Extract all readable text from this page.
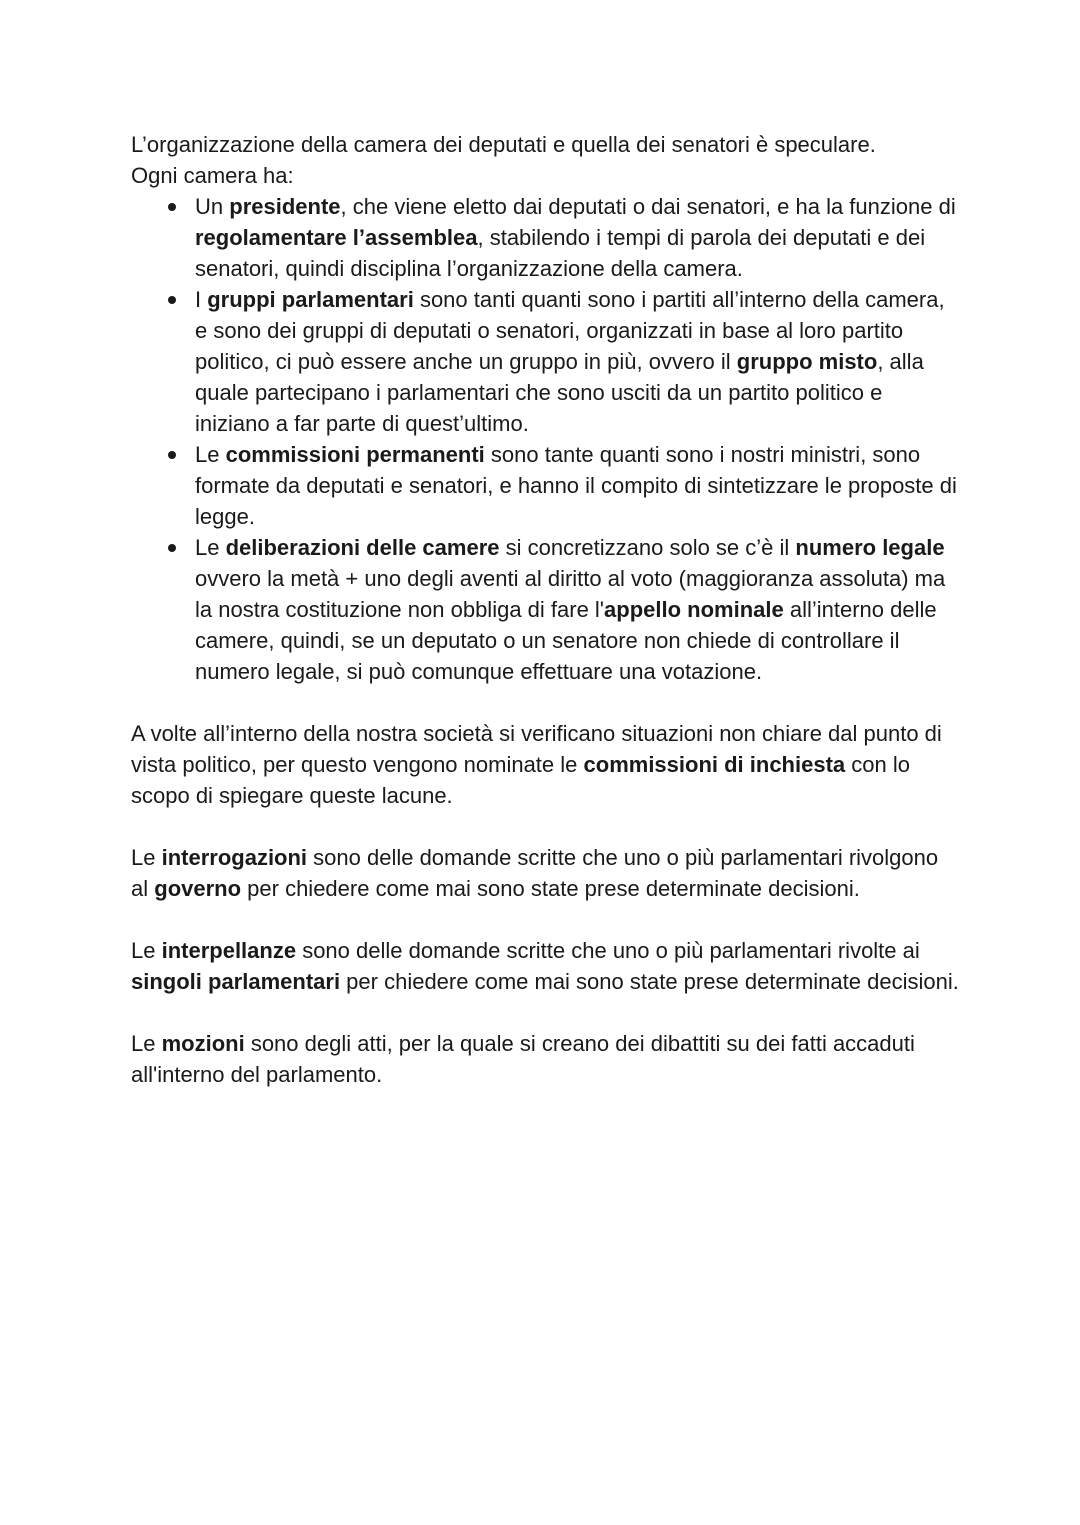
L’organizzazione della camera dei deputati e quella dei senatori è speculare.

Ogni camera ha:

Un presidente, che viene eletto dai deputati o dai senatori, e ha la funzione di regolamentare l’assemblea, stabilendo i tempi di parola dei deputati e dei senatori, quindi disciplina l’organizzazione della camera.
I gruppi parlamentari sono tanti quanti sono i partiti all’interno della camera, e sono dei gruppi di deputati o senatori, organizzati in base al loro partito politico, ci può essere anche un gruppo in più, ovvero il gruppo misto, alla quale partecipano i parlamentari che sono usciti da un partito politico e iniziano a far parte di quest’ultimo.
Le commissioni permanenti sono tante quanti sono i nostri ministri, sono formate da deputati e senatori, e hanno il compito di sintetizzare le proposte di legge.
Le deliberazioni delle camere si concretizzano solo se c’è il numero legale ovvero la metà + uno degli aventi al diritto al voto (maggioranza assoluta) ma la nostra costituzione non obbliga di fare l'appello nominale all’interno delle camere, quindi, se un deputato o un senatore non chiede di controllare il numero legale, si può comunque effettuare una votazione.

A volte all’interno della nostra società si verificano situazioni non chiare dal punto di vista politico, per questo vengono nominate le commissioni di inchiesta con lo scopo di spiegare queste lacune.

Le interrogazioni sono delle domande scritte che uno o più parlamentari rivolgono al governo per chiedere come mai sono state prese determinate decisioni.

Le interpellanze sono delle domande scritte che uno o più parlamentari rivolte ai singoli parlamentari per chiedere come mai sono state prese determinate decisioni.

Le mozioni sono degli atti, per la quale si creano dei dibattiti su dei fatti accaduti all'interno del parlamento.
